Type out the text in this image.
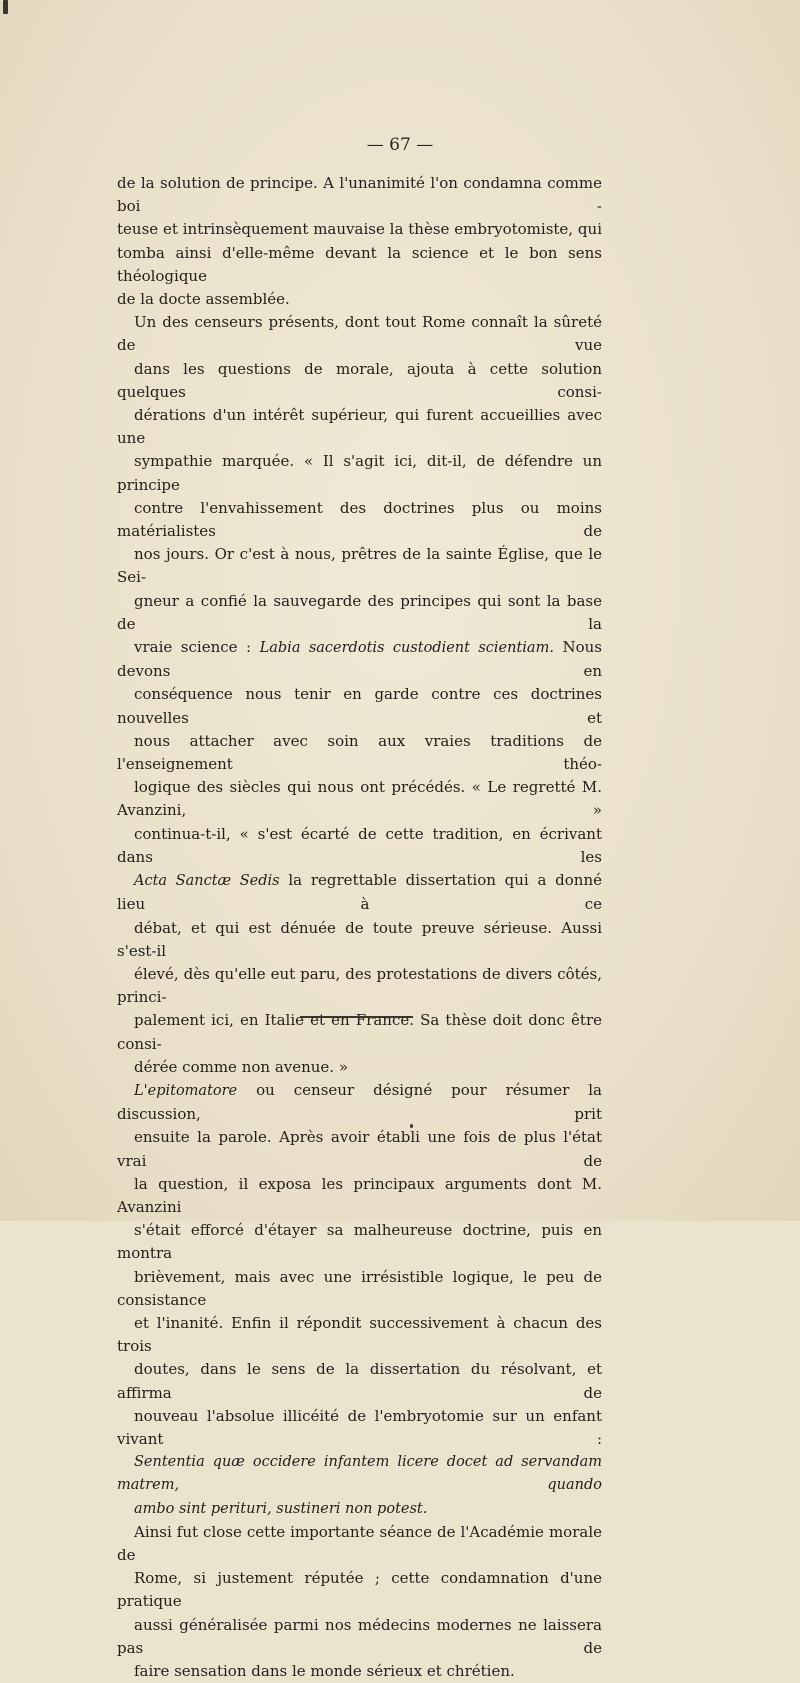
— 67 —

de la solution de principe. A l'unanimité l'on condamna comme boi -
teuse et intrinsèquement mauvaise la thèse embryotomiste, qui
tomba ainsi d'elle-même devant la science et le bon sens théologique
de la docte assemblée.

Un des censeurs présents, dont tout Rome connaît la sûreté de vue
dans les questions de morale, ajouta à cette solution quelques consi-
dérations d'un intérêt supérieur, qui furent accueillies avec une
sympathie marquée. « Il s'agit ici, dit-il, de défendre un principe
contre l'envahissement des doctrines plus ou moins matérialistes de
nos jours. Or c'est à nous, prêtres de la sainte Église, que le Sei-
gneur a confié la sauvegarde des principes qui sont la base de la
vraie science : Labia sacerdotis custodient scientiam. Nous devons en
conséquence nous tenir en garde contre ces doctrines nouvelles et
nous attacher avec soin aux vraies traditions de l'enseignement théo-
logique des siècles qui nous ont précédés. « Le regretté M. Avanzini, »
continua-t-il, « s'est écarté de cette tradition, en écrivant dans les
Acta Sanctæ Sedis la regrettable dissertation qui a donné lieu à ce
débat, et qui est dénuée de toute preuve sérieuse. Aussi s'est-il
élevé, dès qu'elle eut paru, des protestations de divers côtés, princi-
palement ici, en Italie et en France. Sa thèse doit donc être consi-
dérée comme non avenue. »

L'epitomatore ou censeur désigné pour résumer la discussion, prit
ensuite la parole. Après avoir établi une fois de plus l'état vrai de
la question, il exposa les principaux arguments dont M. Avanzini
s'était efforcé d'étayer sa malheureuse doctrine, puis en montra
brièvement, mais avec une irrésistible logique, le peu de consistance
et l'inanité. Enfin il répondit successivement à chacun des trois
doutes, dans le sens de la dissertation du résolvant, et affirma de
nouveau l'absolue illicéité de l'embryotomie sur un enfant vivant :
Sententia quæ occidere infantem licere docet ad servandam matrem, quando
ambo sint perituri, sustineri non potest.

Ainsi fut close cette importante séance de l'Académie morale de
Rome, si justement réputée ; cette condamnation d'une pratique
aussi généralisée parmi nos médecins modernes ne laissera pas de
faire sensation dans le monde sérieux et chrétien.
